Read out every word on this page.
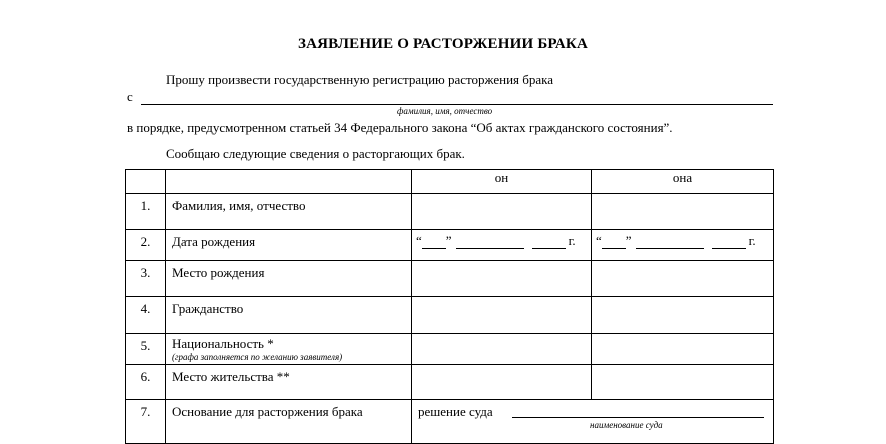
ЗАЯВЛЕНИЕ О РАСТОРЖЕНИИ БРАКА
Прошу произвести государственную регистрацию расторжения брака
с
фамилия, имя, отчество
в порядке, предусмотренном статьей 34 Федерального закона “Об актах гражданского состояния”.
Сообщаю следующие сведения о расторгающих брак.
		он	она

1.	Фамилия, имя, отчество		

2.	Дата рождения	“ ” г.	“ ” г.

3.	Место рождения		

4.	Гражданство		

5.	Национальность *
(графа заполняется по желанию заявителя)		

6.	Место жительства **		

7.	Основание для расторжения брака	решение суда
наименование суда	
